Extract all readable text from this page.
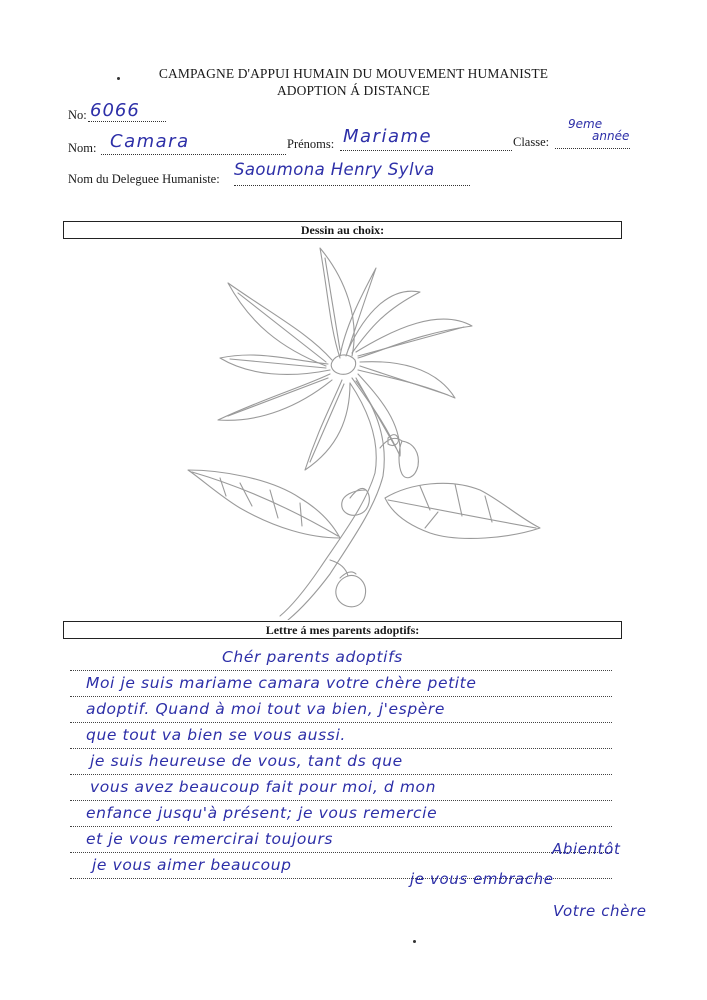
CAMPAGNE D'APPUI HUMAIN DU MOUVEMENT HUMANISTE
ADOPTION Á DISTANCE
No: 6066
Nom: Camara	Prénoms: Mariame	Classe:
9eme
année
Nom du Deleguee Humaniste: Saoumona Henry Sylva
Dessin au choix:
Lettre á mes parents adoptifs:
Chér parents adoptifs
Moi je suis mariame camara votre chère petite
adoptif. Quand à moi tout va bien, j'espère
que tout va bien se vous aussi.
je suis heureuse de vous, tant ds que
vous avez beaucoup fait pour moi, d mon
enfance jusqu'à présent; je vous remercie
et je vous remercirai toujours
je vous aimer beaucoup
Abientôt
je vous embrache
Votre chère
